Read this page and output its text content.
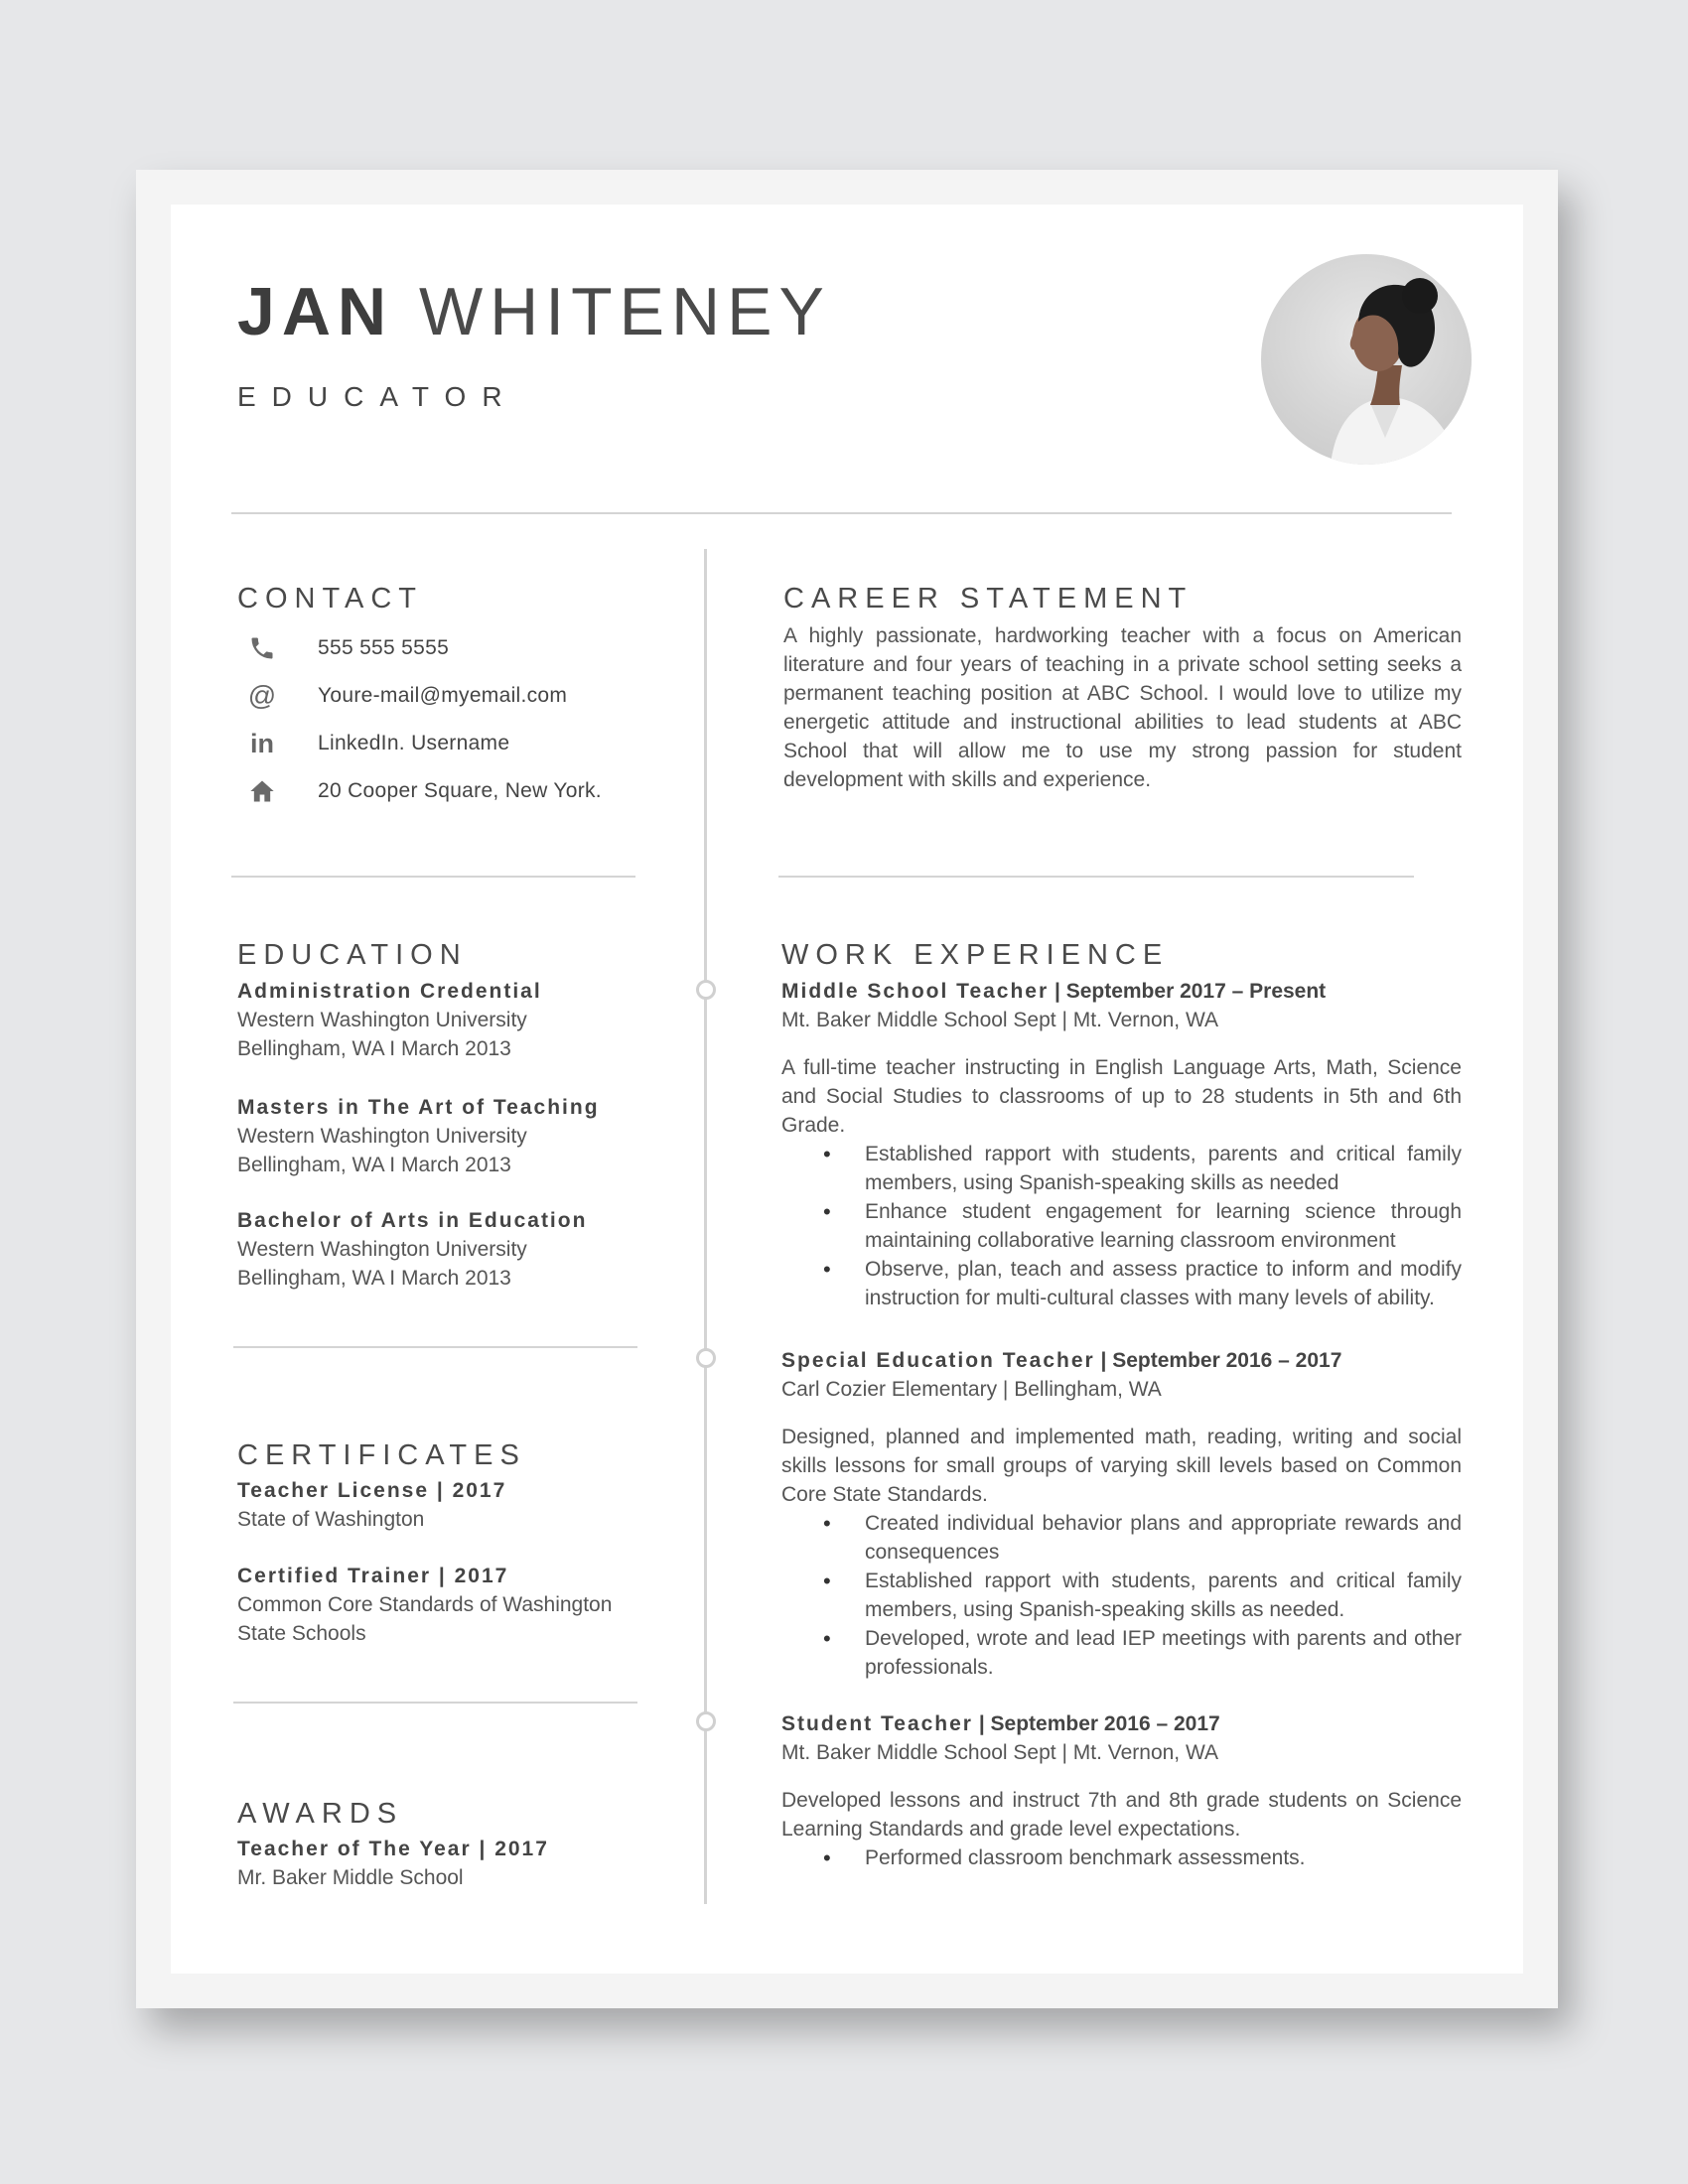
JAN WHITENEY
EDUCATOR
CONTACT
555 555 5555
@ Youre-mail@myemail.com
in LinkedIn. Username
20 Cooper Square, New York.
EDUCATION
Administration Credential
Western Washington University
Bellingham, WA I March 2013
Masters in The Art of Teaching
Western Washington University
Bellingham, WA I March 2013
Bachelor of Arts in Education
Western Washington University
Bellingham, WA I March 2013
CERTIFICATES
Teacher License | 2017
State of Washington
Certified Trainer | 2017
Common Core Standards of Washington
State Schools
AWARDS
Teacher of The Year | 2017
Mr. Baker Middle School
CAREER STATEMENT
A highly passionate, hardworking teacher with a focus on American literature and four years of teaching in a private school setting seeks a permanent teaching position at ABC School. I would love to utilize my energetic attitude and instructional abilities to lead students at ABC School that will allow me to use my strong passion for student development with skills and experience.
WORK EXPERIENCE
Middle School Teacher | September 2017 – Present
Mt. Baker Middle School Sept | Mt. Vernon, WA
A full-time teacher instructing in English Language Arts, Math, Science and Social Studies to classrooms of up to 28 students in 5th and 6th Grade.
• Established rapport with students, parents and critical family members, using Spanish-speaking skills as needed
• Enhance student engagement for learning science through maintaining collaborative learning classroom environment
• Observe, plan, teach and assess practice to inform and modify instruction for multi-cultural classes with many levels of ability.
Special Education Teacher | September 2016 – 2017
Carl Cozier Elementary | Bellingham, WA
Designed, planned and implemented math, reading, writing and social skills lessons for small groups of varying skill levels based on Common Core State Standards.
• Created individual behavior plans and appropriate rewards and consequences
• Established rapport with students, parents and critical family members, using Spanish-speaking skills as needed.
• Developed, wrote and lead IEP meetings with parents and other professionals.
Student Teacher | September 2016 – 2017
Mt. Baker Middle School Sept | Mt. Vernon, WA
Developed lessons and instruct 7th and 8th grade students on Science Learning Standards and grade level expectations.
• Performed classroom benchmark assessments.
